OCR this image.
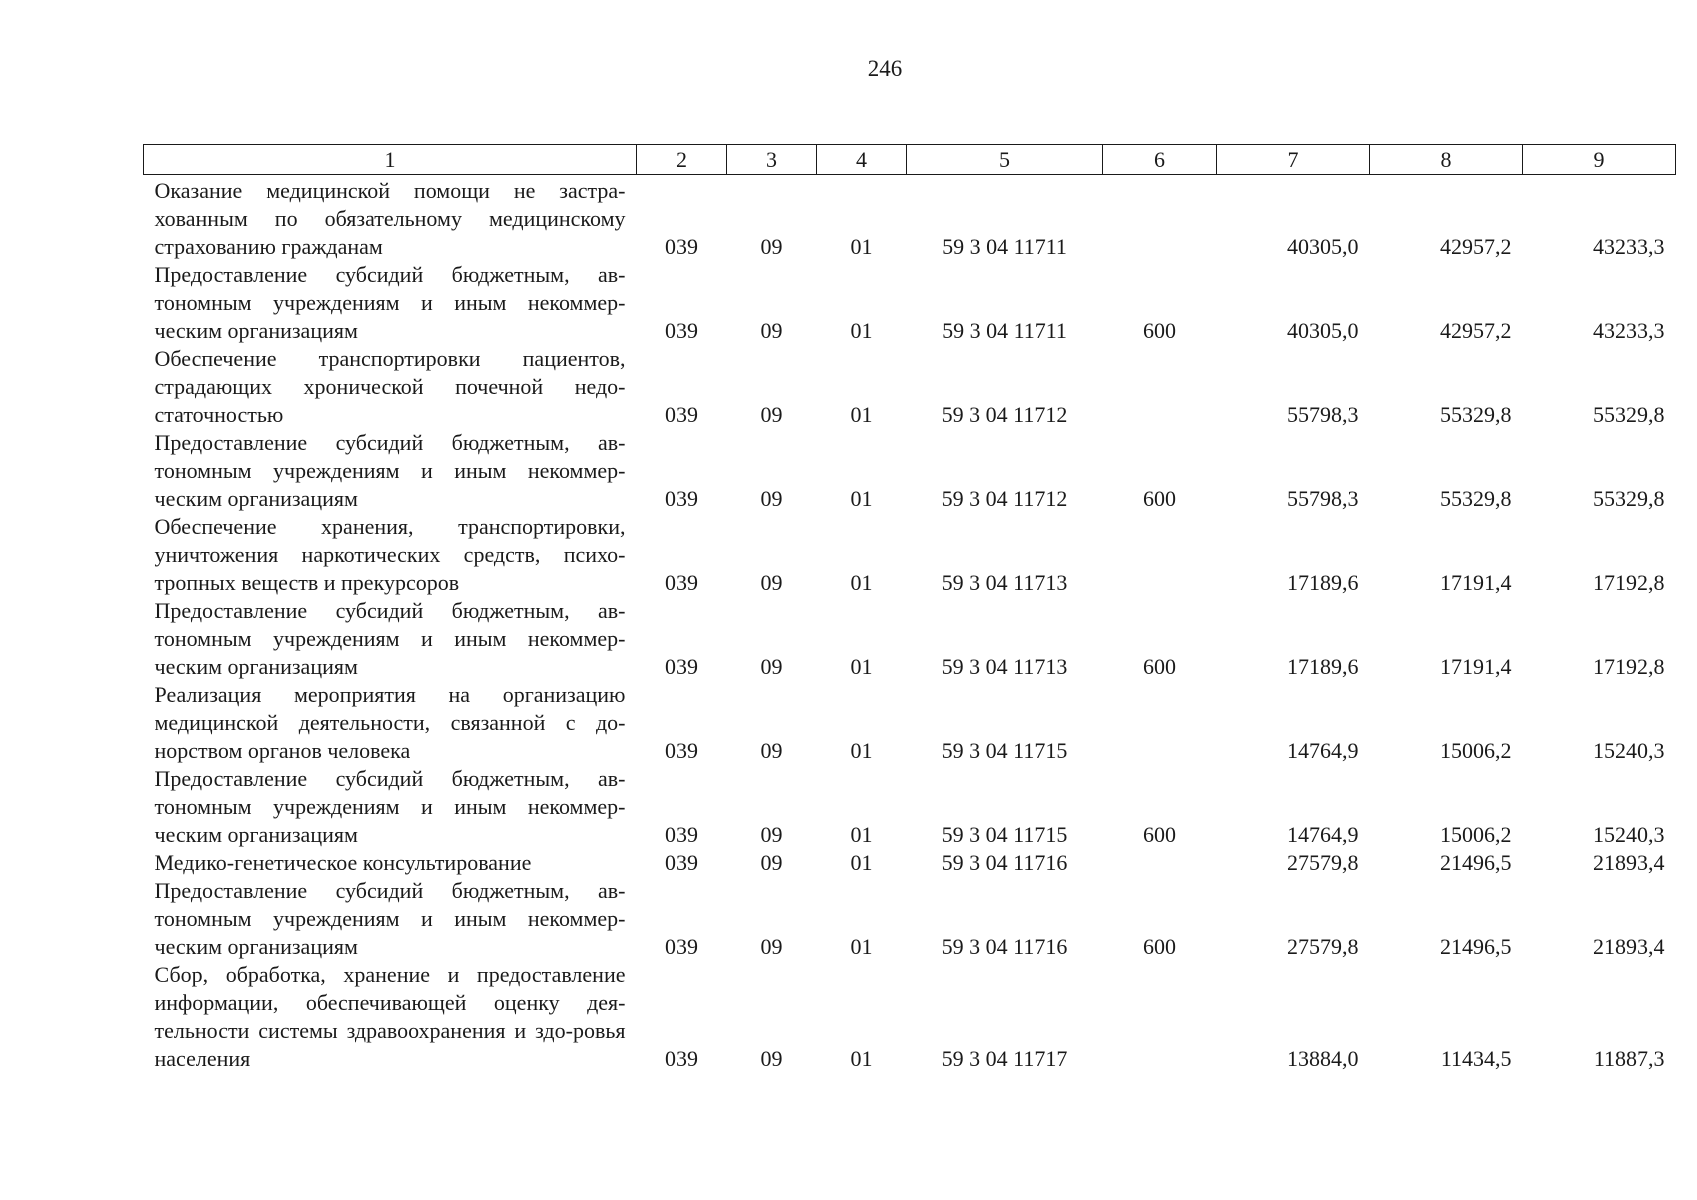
246
1	2	3	4	5	6	7	8	9
Оказание медицинской помощи не застра-хованным по обязательному медицинскому страхованию гражданам	039	09	01	59 3 04 11711		40305,0	42957,2	43233,3
Предоставление субсидий бюджетным, ав-тономным учреждениям и иным некоммер-ческим организациям	039	09	01	59 3 04 11711	600	40305,0	42957,2	43233,3
Обеспечение транспортировки пациентов, страдающих хронической почечной недо-статочностью	039	09	01	59 3 04 11712		55798,3	55329,8	55329,8
Предоставление субсидий бюджетным, ав-тономным учреждениям и иным некоммер-ческим организациям	039	09	01	59 3 04 11712	600	55798,3	55329,8	55329,8
Обеспечение хранения, транспортировки, уничтожения наркотических средств, психо-тропных веществ и прекурсоров	039	09	01	59 3 04 11713		17189,6	17191,4	17192,8
Предоставление субсидий бюджетным, ав-тономным учреждениям и иным некоммер-ческим организациям	039	09	01	59 3 04 11713	600	17189,6	17191,4	17192,8
Реализация мероприятия на организацию медицинской деятельности, связанной с до-норством органов человека	039	09	01	59 3 04 11715		14764,9	15006,2	15240,3
Предоставление субсидий бюджетным, ав-тономным учреждениям и иным некоммер-ческим организациям	039	09	01	59 3 04 11715	600	14764,9	15006,2	15240,3
Медико-генетическое консультирование	039	09	01	59 3 04 11716		27579,8	21496,5	21893,4
Предоставление субсидий бюджетным, ав-тономным учреждениям и иным некоммер-ческим организациям	039	09	01	59 3 04 11716	600	27579,8	21496,5	21893,4
Сбор, обработка, хранение и предоставление информации, обеспечивающей оценку дея-тельности системы здравоохранения и здо-ровья населения	039	09	01	59 3 04 11717		13884,0	11434,5	11887,3
